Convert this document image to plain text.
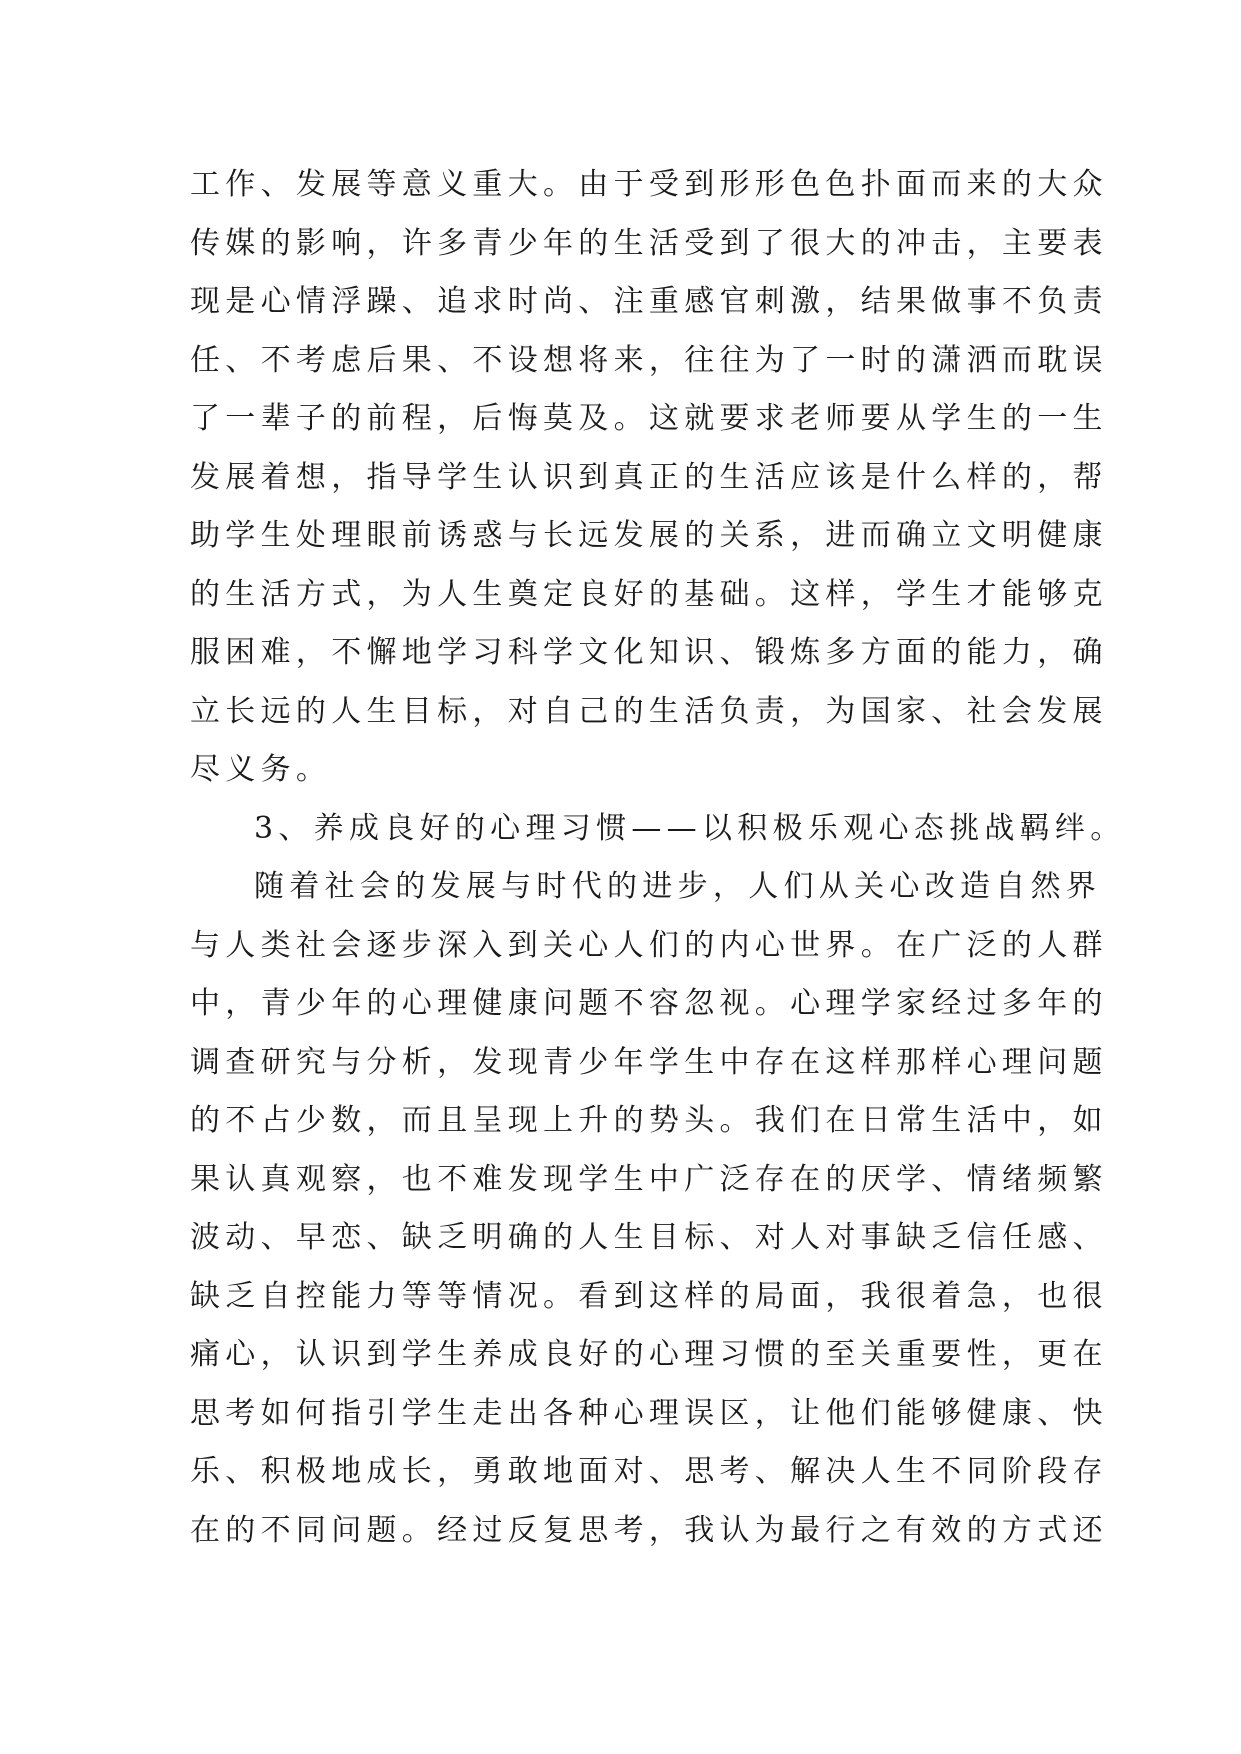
工作、发展等意义重大。由于受到形形色色扑面而来的大众
传媒的影响，许多青少年的生活受到了很大的冲击，主要表
现是心情浮躁、追求时尚、注重感官刺激，结果做事不负责
任、不考虑后果、不设想将来，往往为了一时的潇洒而耽误
了一辈子的前程，后悔莫及。这就要求老师要从学生的一生
发展着想，指导学生认识到真正的生活应该是什么样的，帮
助学生处理眼前诱惑与长远发展的关系，进而确立文明健康
的生活方式，为人生奠定良好的基础。这样，学生才能够克
服困难，不懈地学习科学文化知识、锻炼多方面的能力，确
立长远的人生目标，对自己的生活负责，为国家、社会发展
尽义务。
3、养成良好的心理习惯——以积极乐观心态挑战羁绊。
随着社会的发展与时代的进步，人们从关心改造自然界
与人类社会逐步深入到关心人们的内心世界。在广泛的人群
中，青少年的心理健康问题不容忽视。心理学家经过多年的
调查研究与分析，发现青少年学生中存在这样那样心理问题
的不占少数，而且呈现上升的势头。我们在日常生活中，如
果认真观察，也不难发现学生中广泛存在的厌学、情绪频繁
波动、早恋、缺乏明确的人生目标、对人对事缺乏信任感、
缺乏自控能力等等情况。看到这样的局面，我很着急，也很
痛心，认识到学生养成良好的心理习惯的至关重要性，更在
思考如何指引学生走出各种心理误区，让他们能够健康、快
乐、积极地成长，勇敢地面对、思考、解决人生不同阶段存
在的不同问题。经过反复思考，我认为最行之有效的方式还
